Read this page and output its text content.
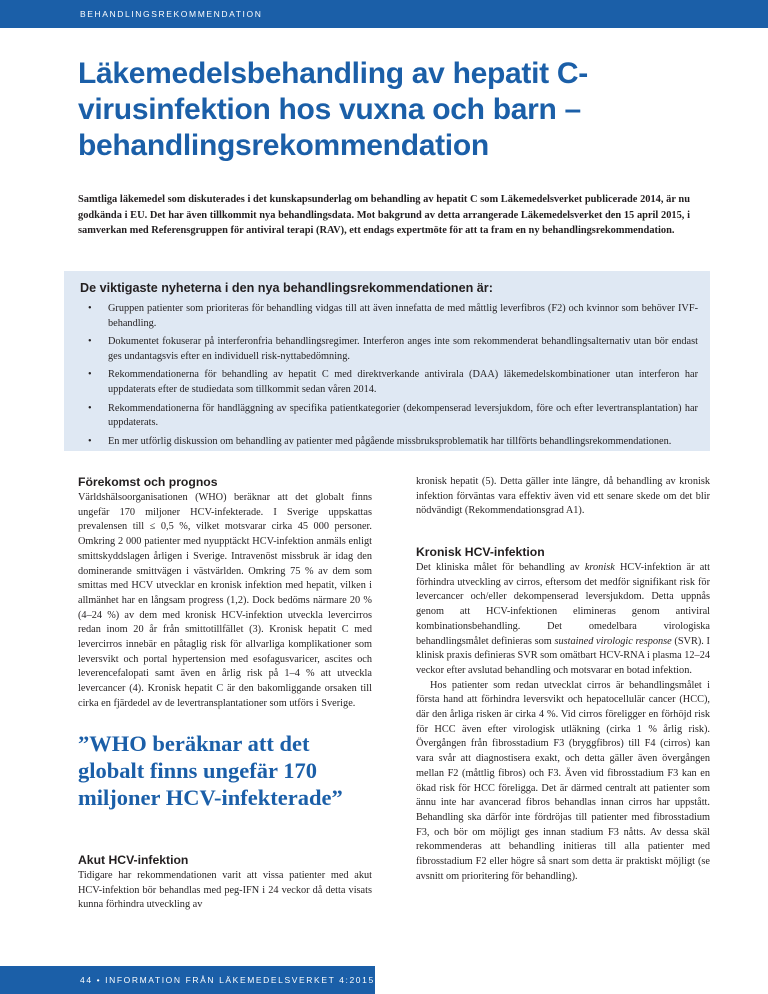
BEHANDLINGSREKOMMENDATION
Läkemedelsbehandling av hepatit C-virusinfektion hos vuxna och barn – behandlingsrekommendation

Samtliga läkemedel som diskuterades i det kunskapsunderlag om behandling av hepatit C som Läkemedelsverket publicerade 2014, är nu godkända i EU. Det har även tillkommit nya behandlingsdata. Mot bakgrund av detta arrangerade Läkemedelsverket den 15 april 2015, i samverkan med Referensgruppen för antiviral terapi (RAV), ett endags expertmöte för att ta fram en ny behandlingsrekommendation.

De viktigaste nyheterna i den nya behandlingsrekommendationen är:
• Gruppen patienter som prioriteras för behandling vidgas till att även innefatta de med måttlig leverfibros (F2) och kvinnor som behöver IVF-behandling.
• Dokumentet fokuserar på interferonfria behandlingsregimer. Interferon anges inte som rekommenderat behandlingsalternativ utan bör endast ges undantagsvis efter en individuell risk-nyttabedömning.
• Rekommendationerna för behandling av hepatit C med direktverkande antivirala (DAA) läkemedelskombinationer utan interferon har uppdaterats efter de studiedata som tillkommit sedan våren 2014.
• Rekommendationerna för handläggning av specifika patientkategorier (dekompenserad leversjukdom, före och efter levertransplantation) har uppdaterats.
• En mer utförlig diskussion om behandling av patienter med pågående missbruksproblematik har tillförts behandlingsrekommendationen.
Förekomst och prognos

Världshälsoorganisationen (WHO) beräknar att det globalt finns ungefär 170 miljoner HCV-infekterade. I Sverige uppskattas prevalensen till ≤ 0,5 %, vilket motsvarar cirka 45 000 personer. Omkring 2 000 patienter med nyupptäckt HCV-infektion anmäls enligt smittskyddslagen årligen i Sverige. Intravenöst missbruk är idag den dominerande smittvägen i västvärlden. Omkring 75 % av dem som smittas med HCV utvecklar en kronisk infektion med hepatit, vilken i allmänhet har en långsam progress (1,2). Dock bedöms närmare 20 % (4–24 %) av dem med kronisk HCV-infektion utveckla levercirros redan inom 20 år från smittotillfället (3). Kronisk hepatit C med levercirros innebär en påtaglig risk för allvarliga komplikationer som leversvikt och portal hypertension med esofagusvaricer, ascites och leverencefalopati samt även en årlig risk på 1–4 % att utveckla levercancer (4). Kronisk hepatit C är den bakomliggande orsaken till cirka en fjärdedel av de levertransplantationer som utförs i Sverige.

”WHO beräknar att det globalt finns ungefär 170 miljoner HCV-infekterade”

Akut HCV-infektion

Tidigare har rekommendationen varit att vissa patienter med akut HCV-infektion bör behandlas med peg-IFN i 24 veckor då detta visats kunna förhindra utveckling av

kronisk hepatit (5). Detta gäller inte längre, då behandling av kronisk infektion förväntas vara effektiv även vid ett senare skede om det blir nödvändigt (Rekommendationsgrad A1).

Kronisk HCV-infektion

Det kliniska målet för behandling av kronisk HCV-infektion är att förhindra utveckling av cirros, eftersom det medför signifikant risk för levercancer och/eller dekompenserad leversjukdom. Detta uppnås genom att HCV-infektionen elimineras genom antiviral kombinationsbehandling. Det omedelbara virologiska behandlingsmålet definieras som sustained virologic response (SVR). I klinisk praxis definieras SVR som omätbart HCV-RNA i plasma 12–24 veckor efter avslutad behandling och motsvarar en botad infektion.

Hos patienter som redan utvecklat cirros är behandlingsmålet i första hand att förhindra leversvikt och hepatocellulär cancer (HCC), där den årliga risken är cirka 4 %. Vid cirros föreligger en förhöjd risk för HCC även efter virologisk utläkning (cirka 1 % årlig risk). Övergången från fibrosstadium F3 (bryggfibros) till F4 (cirros) kan vara svår att diagnostisera exakt, och detta gäller även övergången mellan F2 (måttlig fibros) och F3. Även vid fibrosstadium F3 kan en ökad risk för HCC föreligga. Det är därmed centralt att patienter som ännu inte har avancerad fibros behandlas innan cirros har uppstått. Behandling ska därför inte fördröjas till patienter med fibrosstadium F3, och bör om möjligt ges innan stadium F3 nåtts. Av dessa skäl rekommenderas att behandling initieras till alla patienter med fibrosstadium F2 eller högre så snart som detta är praktiskt möjligt (se avsnitt om prioritering för behandling).

44 • INFORMATION FRÅN LÄKEMEDELSVERKET 4:2015
